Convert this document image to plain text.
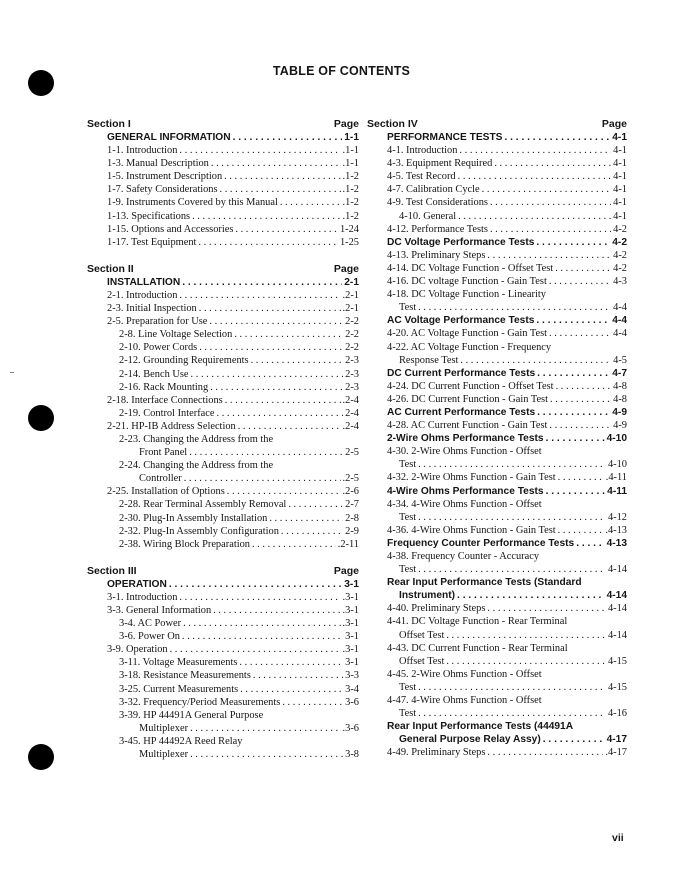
TABLE OF CONTENTS
Section I	Page
GENERAL INFORMATION . . .	1-1
1-1. Introduction . . .	.1-1
1-3. Manual Description . . .	.1-1
1-5. Instrument Description . . .	.1-2
1-7. Safety Considerations . . .	.1-2
1-9. Instruments Covered by this Manual . . .	.1-2
1-13. Specifications . . .	.1-2
1-15. Options and Accessories . . .	1-24
1-17. Test Equipment . . .	1-25
Section II	Page
INSTALLATION . . .	2-1
2-1. Introduction . . .	.2-1
2-3. Initial Inspection . . .	.2-1
2-5. Preparation for Use . . .	2-2
2-8. Line Voltage Selection . . .	2-2
2-10. Power Cords . . .	2-2
2-12. Grounding Requirements . . .	2-3
2-14. Bench Use . . .	2-3
2-16. Rack Mounting . . .	2-3
2-18. Interface Connections . . .	.2-4
2-19. Control Interface . . .	2-4
2-21. HP-IB Address Selection . . .	.2-4
2-23. Changing the Address from the
Front Panel . . .	2-5
2-24. Changing the Address from the
Controller . . .	.2-5
2-25. Installation of Options . . .	.2-6
2-28. Rear Terminal Assembly Removal . . .	2-7
2-30. Plug-In Assembly Installation . . .	2-8
2-32. Plug-In Assembly Configuration . . .	2-9
2-38. Wiring Block Preparation . . .	.2-11
Section III	Page
OPERATION . . .	3-1
3-1. Introduction . . .	.3-1
3-3. General Information . . .	.3-1
3-4. AC Power . . .	.3-1
3-6. Power On . . .	3-1
3-9. Operation . . .	.3-1
3-11. Voltage Measurements . . .	3-1
3-18. Resistance Measurements . . .	3-3
3-25. Current Measurements . . .	3-4
3-32. Frequency/Period Measurements . . .	3-6
3-39. HP 44491A General Purpose
Multiplexer . . .	.3-6
3-45. HP 44492A Reed Relay
Multiplexer . . .	3-8
Section IV	Page
PERFORMANCE TESTS . . .	4-1
4-1. Introduction . . .	4-1
4-3. Equipment Required . . .	4-1
4-5. Test Record . . .	4-1
4-7. Calibration Cycle . . .	4-1
4-9. Test Considerations . . .	4-1
4-10. General . . .	4-1
4-12. Performance Tests . . .	4-2
DC Voltage Performance Tests . . .	4-2
4-13. Preliminary Steps . . .	4-2
4-14. DC Voltage Function - Offset Test . . .	4-2
4-16. DC voltage Function - Gain Test . . .	4-3
4-18. DC Voltage Function - Linearity
Test . . .	4-4
AC Voltage Performance Tests . . .	4-4
4-20. AC Voltage Function - Gain Test . . .	4-4
4-22. AC Voltage Function - Frequency
Response Test . . .	4-5
DC Current Performance Tests . . .	4-7
4-24. DC Current Function - Offset Test . . .	4-8
4-26. DC Current Function - Gain Test . . .	4-8
AC Current Performance Tests . . .	4-9
4-28. AC Current Function - Gain Test . . .	4-9
2-Wire Ohms Performance Tests . . .	4-10
4-30. 2-Wire Ohms Function - Offset
Test . . .	4-10
4-32. 2-Wire Ohms Function - Gain Test . . .	.4-11
4-Wire Ohms Performance Tests . . .	4-11
4-34. 4-Wire Ohms Function - Offset
Test . . .	4-12
4-36. 4-Wire Ohms Function - Gain Test . . .	.4-13
Frequency Counter Performance Tests . . .	4-13
4-38. Frequency Counter - Accuracy
Test . . .	4-14
Rear Input Performance Tests (Standard
Instrument) . . .	4-14
4-40. Preliminary Steps . . .	4-14
4-41. DC Voltage Function - Rear Terminal
Offset Test . . .	4-14
4-43. DC Current Function - Rear Terminal
Offset Test . . .	4-15
4-45. 2-Wire Ohms Function - Offset
Test . . .	4-15
4-47. 4-Wire Ohms Function - Offset
Test . . .	4-16
Rear Input Performance Tests (44491A
General Purpose Relay Assy) . . .	4-17
4-49. Preliminary Steps . . .	.4-17
vii
